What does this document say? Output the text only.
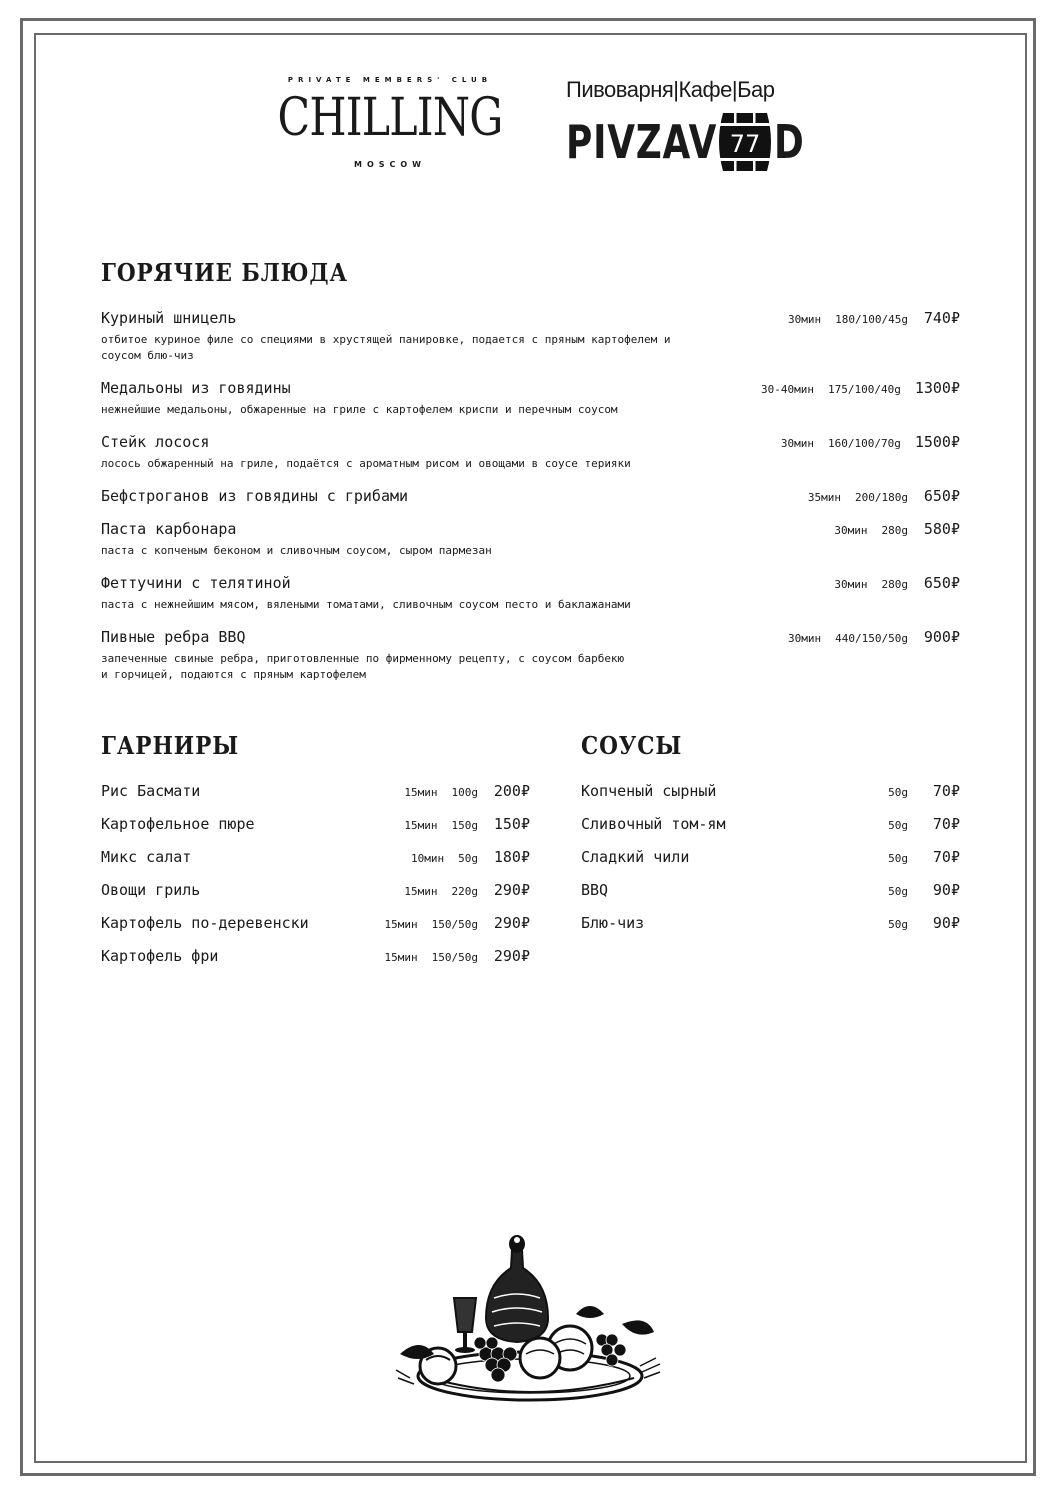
PRIVATE MEMBERS' CLUB
CHILLING
MOSCOW
Пивоварня|Кафе|Бар
PIVZAV 77 D
ГОРЯЧИЕ БЛЮДА
Куриный шницель	30мин 180/100/45g 740₽
отбитое куриное филе со специями в хрустящей панировке, подается с пряным картофелем и
соусом блю-чиз
Медальоны из говядины	30-40мин 175/100/40g 1300₽
нежнейшие медальоны, обжаренные на гриле с картофелем криспи и перечным соусом
Стейк лосося	30мин 160/100/70g 1500₽
лосось обжаренный на гриле, подаётся с ароматным рисом и овощами в соусе терияки
Бефстроганов из говядины с грибами	35мин 200/180g 650₽
Паста карбонара	30мин 280g 580₽
паста с копченым беконом и сливочным соусом, сыром пармезан
Феттучини с телятиной	30мин 280g 650₽
паста с нежнейшим мясом, вялеными томатами, сливочным соусом песто и баклажанами
Пивные ребра BBQ	30мин 440/150/50g 900₽
запеченные свиные ребра, приготовленные по фирменному рецепту, с соусом барбекю
и горчицей, подаются с пряным картофелем
ГАРНИРЫ
Рис Басмати	15мин 100g 200₽
Картофельное пюре	15мин 150g 150₽
Микс салат	10мин 50g 180₽
Овощи гриль	15мин 220g 290₽
Картофель по-деревенски	15мин 150/50g 290₽
Картофель фри	15мин 150/50g 290₽
СОУСЫ
Копченый сырный	50g	70₽
Сливочный том-ям	50g	70₽
Сладкий чили	50g	70₽
BBQ	50g	90₽
Блю-чиз	50g	90₽
